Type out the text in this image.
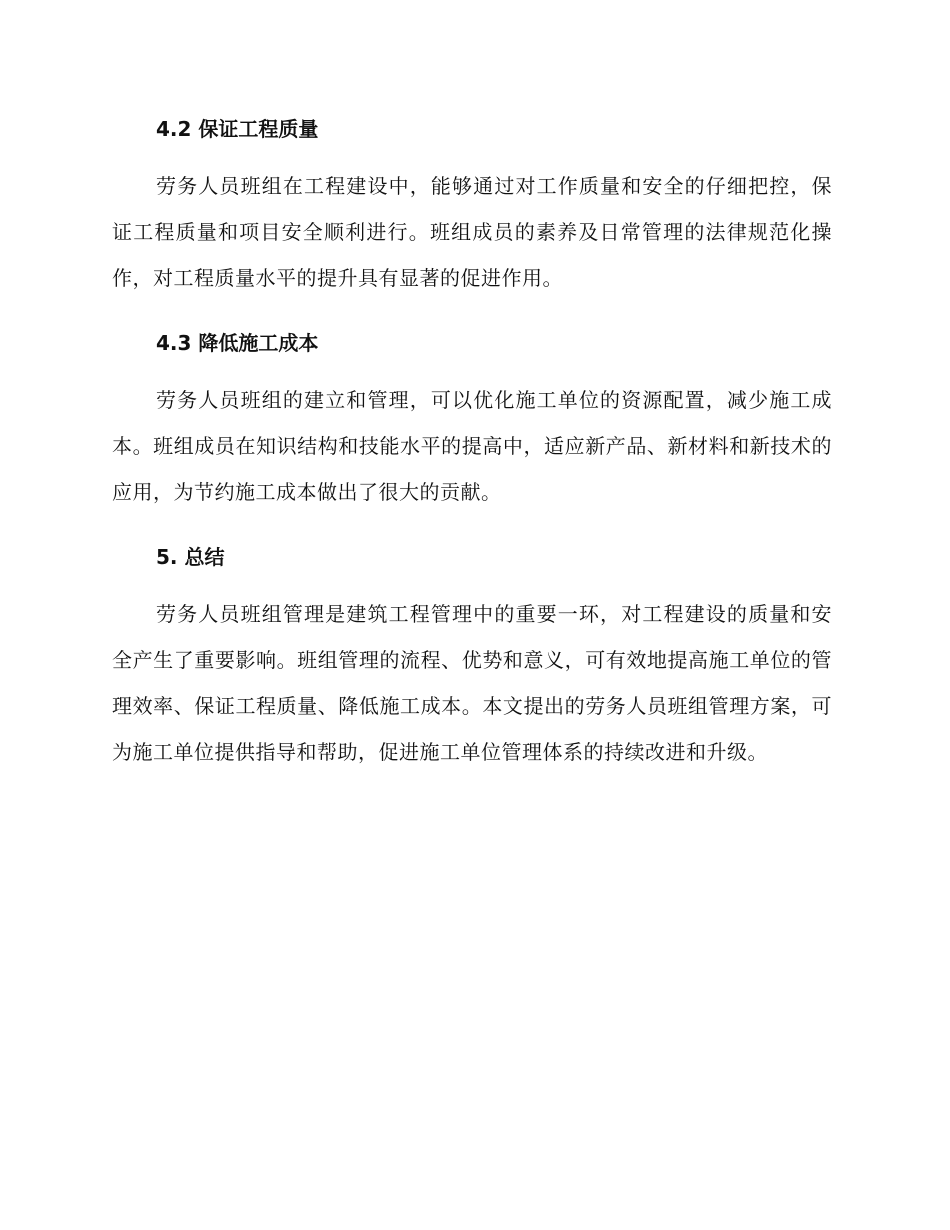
4.2 保证工程质量

劳务人员班组在工程建设中，能够通过对工作质量和安全的仔细把控，保证工程质量和项目安全顺利进行。班组成员的素养及日常管理的法律规范化操作，对工程质量水平的提升具有显著的促进作用。

4.3 降低施工成本

劳务人员班组的建立和管理，可以优化施工单位的资源配置，减少施工成本。班组成员在知识结构和技能水平的提高中，适应新产品、新材料和新技术的应用，为节约施工成本做出了很大的贡献。

5. 总结

劳务人员班组管理是建筑工程管理中的重要一环，对工程建设的质量和安全产生了重要影响。班组管理的流程、优势和意义，可有效地提高施工单位的管理效率、保证工程质量、降低施工成本。本文提出的劳务人员班组管理方案，可为施工单位提供指导和帮助，促进施工单位管理体系的持续改进和升级。
